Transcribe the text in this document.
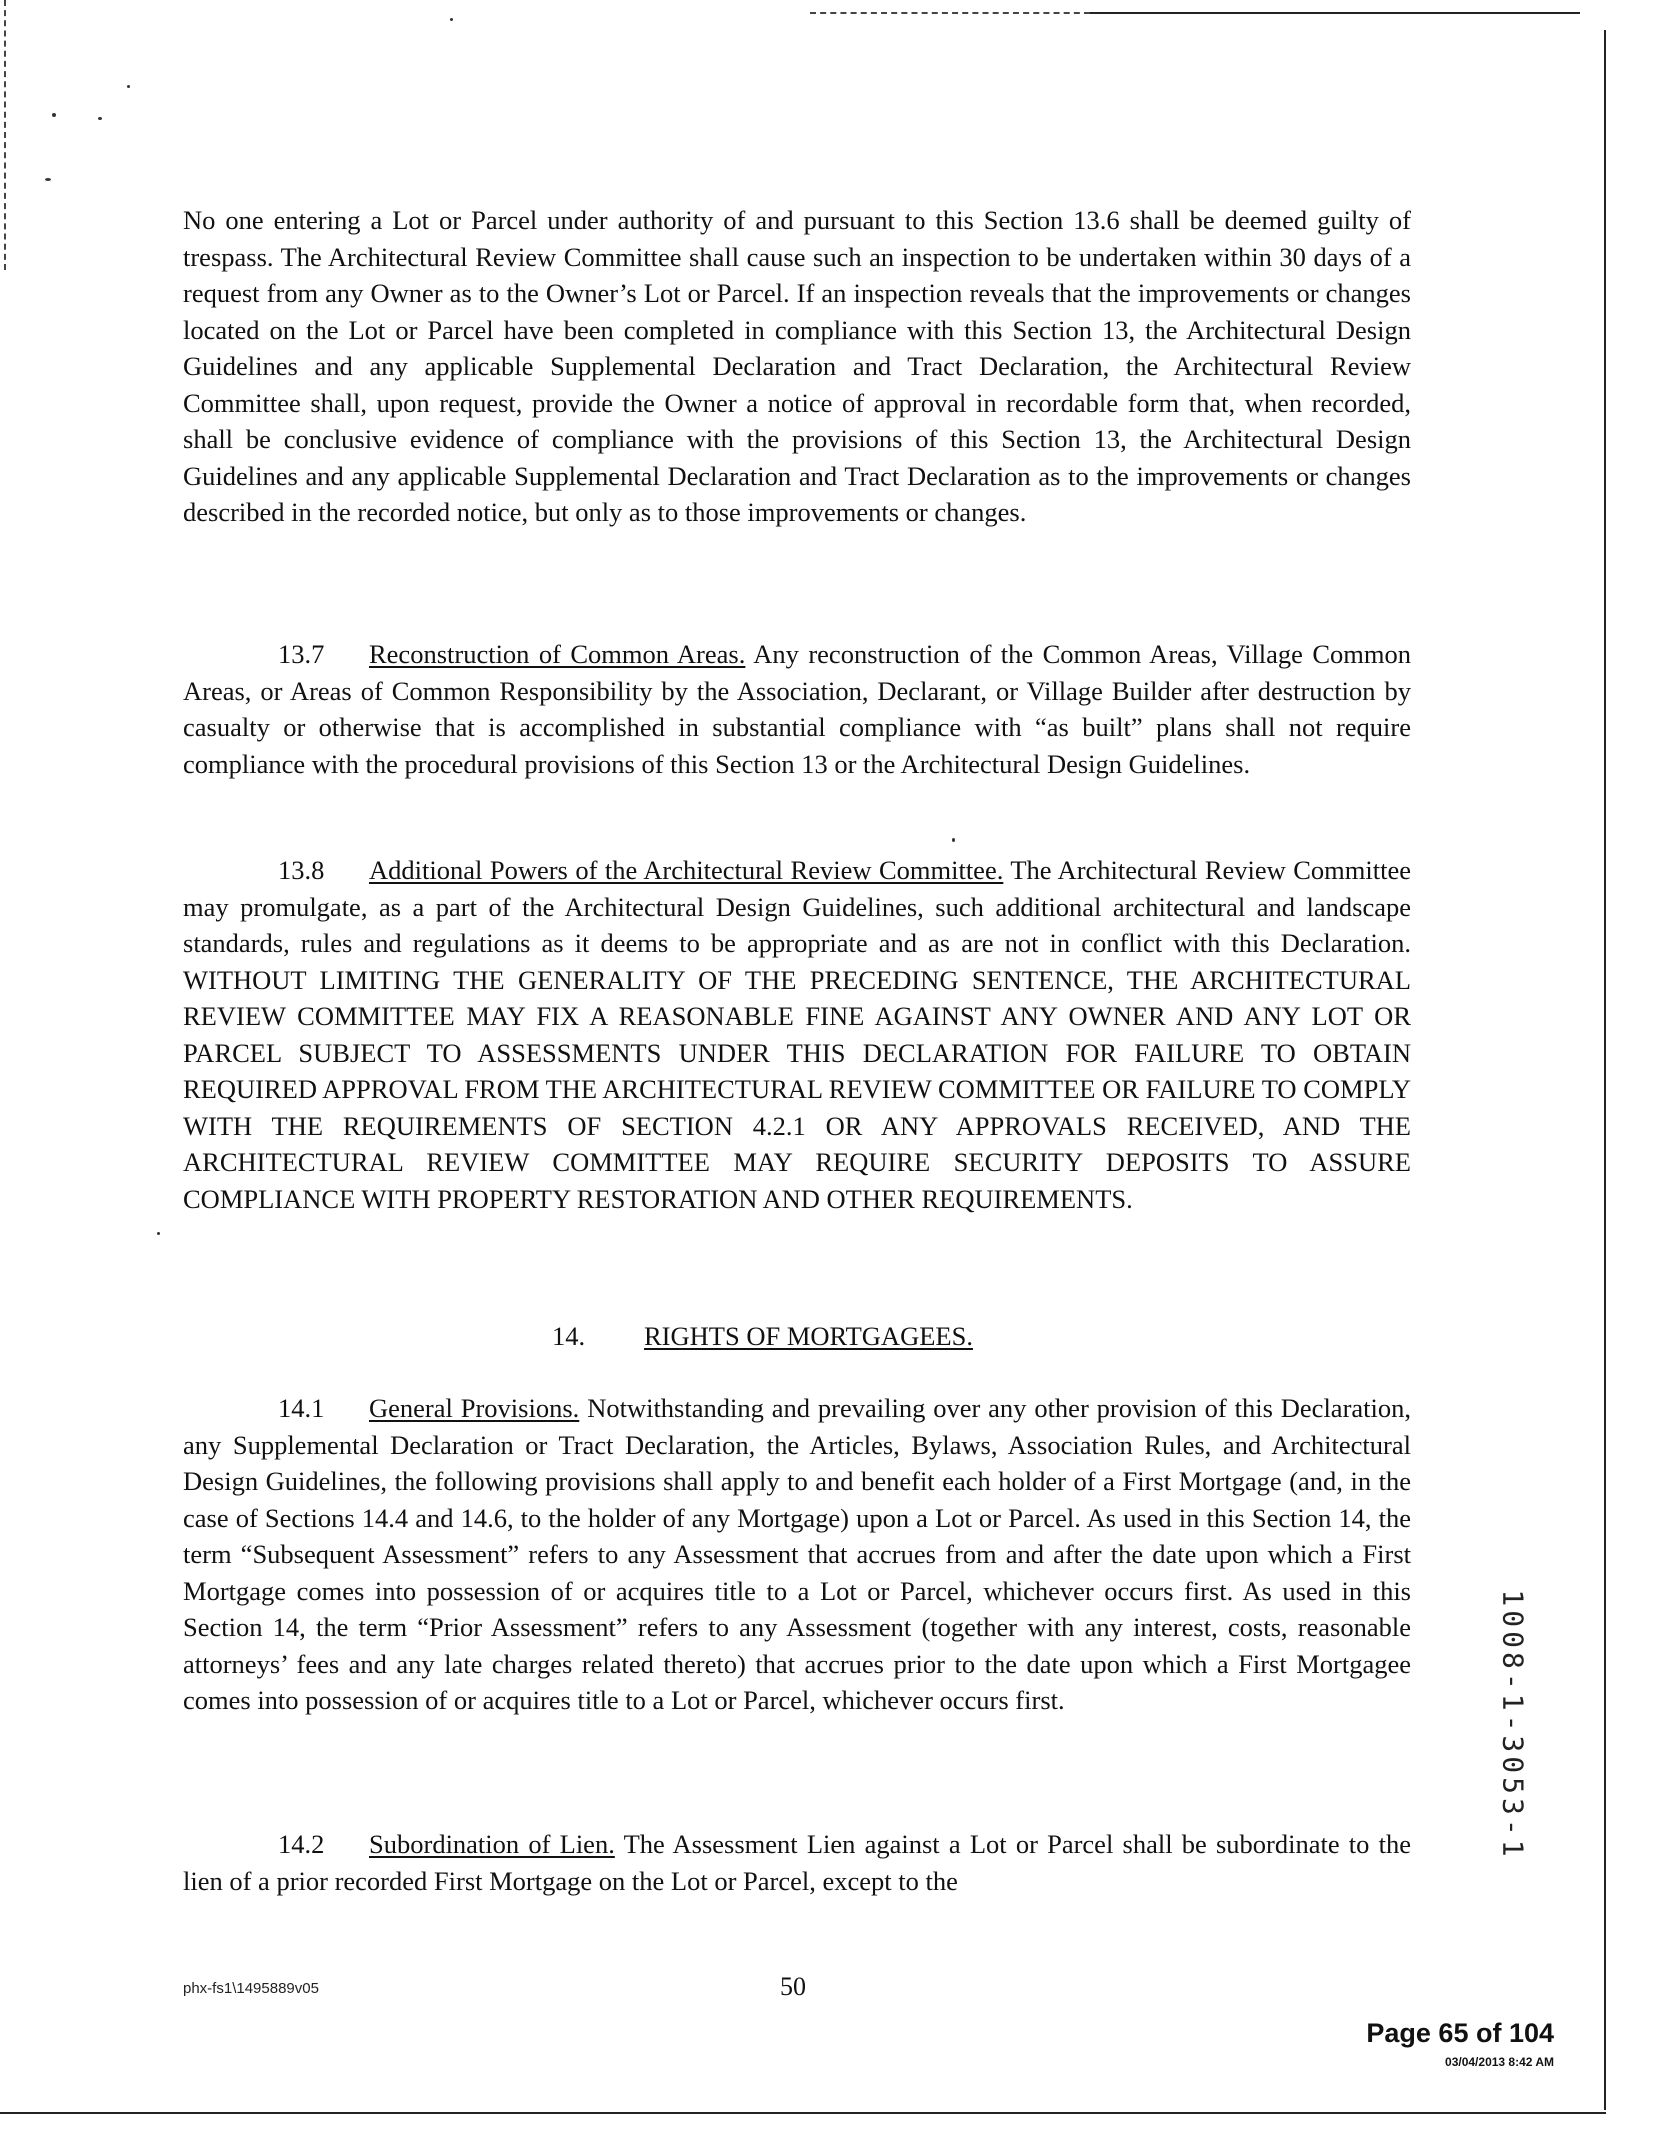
No one entering a Lot or Parcel under authority of and pursuant to this Section 13.6 shall be deemed guilty of trespass. The Architectural Review Committee shall cause such an inspection to be undertaken within 30 days of a request from any Owner as to the Owner’s Lot or Parcel. If an inspection reveals that the improvements or changes located on the Lot or Parcel have been completed in compliance with this Section 13, the Architectural Design Guidelines and any applicable Supplemental Declaration and Tract Declaration, the Architectural Review Committee shall, upon request, provide the Owner a notice of approval in recordable form that, when recorded, shall be conclusive evidence of compliance with the provisions of this Section 13, the Architectural Design Guidelines and any applicable Supplemental Declaration and Tract Declaration as to the improvements or changes described in the recorded notice, but only as to those improvements or changes.

13.7 Reconstruction of Common Areas. Any reconstruction of the Common Areas, Village Common Areas, or Areas of Common Responsibility by the Association, Declarant, or Village Builder after destruction by casualty or otherwise that is accomplished in substantial compliance with “as built” plans shall not require compliance with the procedural provisions of this Section 13 or the Architectural Design Guidelines.

13.8 Additional Powers of the Architectural Review Committee. The Architectural Review Committee may promulgate, as a part of the Architectural Design Guidelines, such additional architectural and landscape standards, rules and regulations as it deems to be appropriate and as are not in conflict with this Declaration. WITHOUT LIMITING THE GENERALITY OF THE PRECEDING SENTENCE, THE ARCHITECTURAL REVIEW COMMITTEE MAY FIX A REASONABLE FINE AGAINST ANY OWNER AND ANY LOT OR PARCEL SUBJECT TO ASSESSMENTS UNDER THIS DECLARATION FOR FAILURE TO OBTAIN REQUIRED APPROVAL FROM THE ARCHITECTURAL REVIEW COMMITTEE OR FAILURE TO COMPLY WITH THE REQUIREMENTS OF SECTION 4.2.1 OR ANY APPROVALS RECEIVED, AND THE ARCHITECTURAL REVIEW COMMITTEE MAY REQUIRE SECURITY DEPOSITS TO ASSURE COMPLIANCE WITH PROPERTY RESTORATION AND OTHER REQUIREMENTS.

14. RIGHTS OF MORTGAGEES.

14.1 General Provisions. Notwithstanding and prevailing over any other provision of this Declaration, any Supplemental Declaration or Tract Declaration, the Articles, Bylaws, Association Rules, and Architectural Design Guidelines, the following provisions shall apply to and benefit each holder of a First Mortgage (and, in the case of Sections 14.4 and 14.6, to the holder of any Mortgage) upon a Lot or Parcel. As used in this Section 14, the term “Subsequent Assessment” refers to any Assessment that accrues from and after the date upon which a First Mortgage comes into possession of or acquires title to a Lot or Parcel, whichever occurs first. As used in this Section 14, the term “Prior Assessment” refers to any Assessment (together with any interest, costs, reasonable attorneys’ fees and any late charges related thereto) that accrues prior to the date upon which a First Mortgagee comes into possession of or acquires title to a Lot or Parcel, whichever occurs first.

14.2 Subordination of Lien. The Assessment Lien against a Lot or Parcel shall be subordinate to the lien of a prior recorded First Mortgage on the Lot or Parcel, except to the

1008-1-3053-1
phx-fs1\1495889v05	50
Page 65 of 104
03/04/2013 8:42 AM
